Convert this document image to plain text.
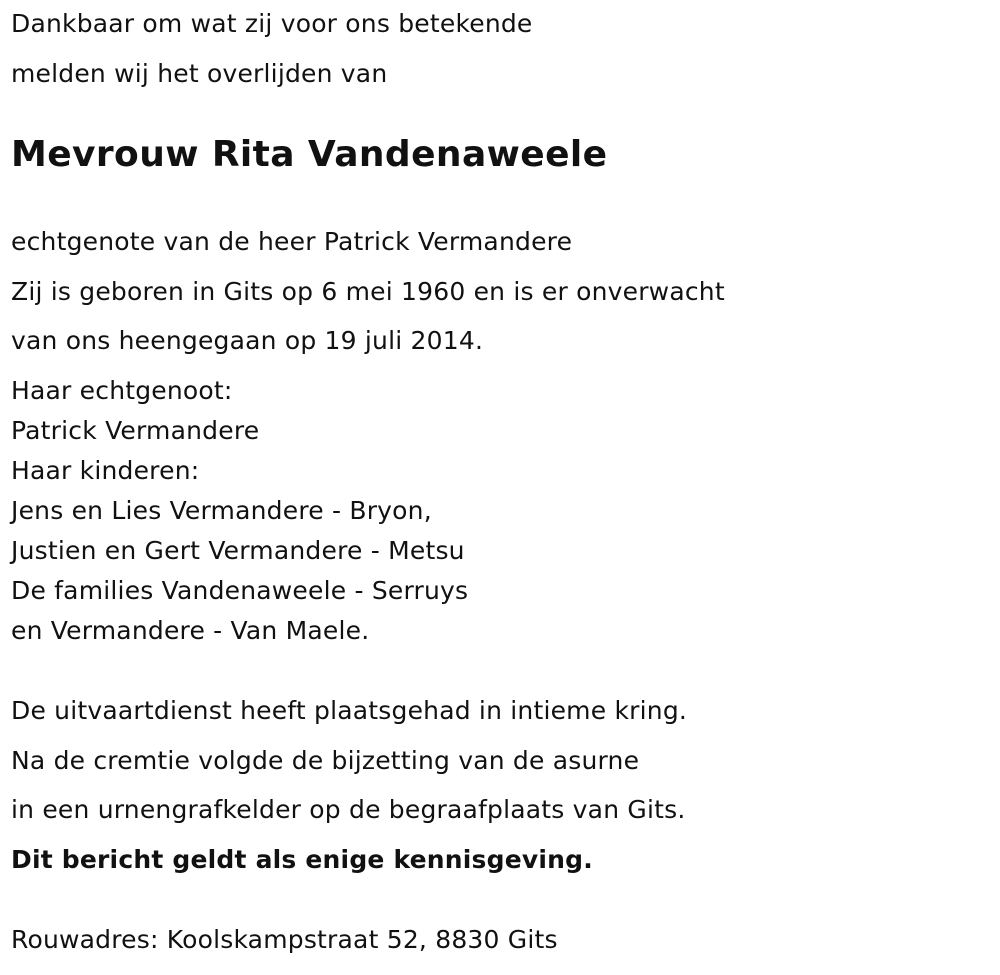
Dankbaar om wat zij voor ons betekende

melden wij het overlijden van

Mevrouw Rita Vandenaweele

echtgenote van de heer Patrick Vermandere

Zij is geboren in Gits op 6 mei 1960 en is er onverwacht

van ons heengegaan op 19 juli 2014.

Haar echtgenoot:

Patrick Vermandere

Haar kinderen:

Jens en Lies Vermandere - Bryon,

Justien en Gert Vermandere - Metsu

De families Vandenaweele - Serruys

en Vermandere - Van Maele.

De uitvaartdienst heeft plaatsgehad in intieme kring.

Na de cremtie volgde de bijzetting van de asurne

in een urnengrafkelder op de begraafplaats van Gits.

Dit bericht geldt als enige kennisgeving.

Rouwadres: Koolskampstraat 52, 8830 Gits
